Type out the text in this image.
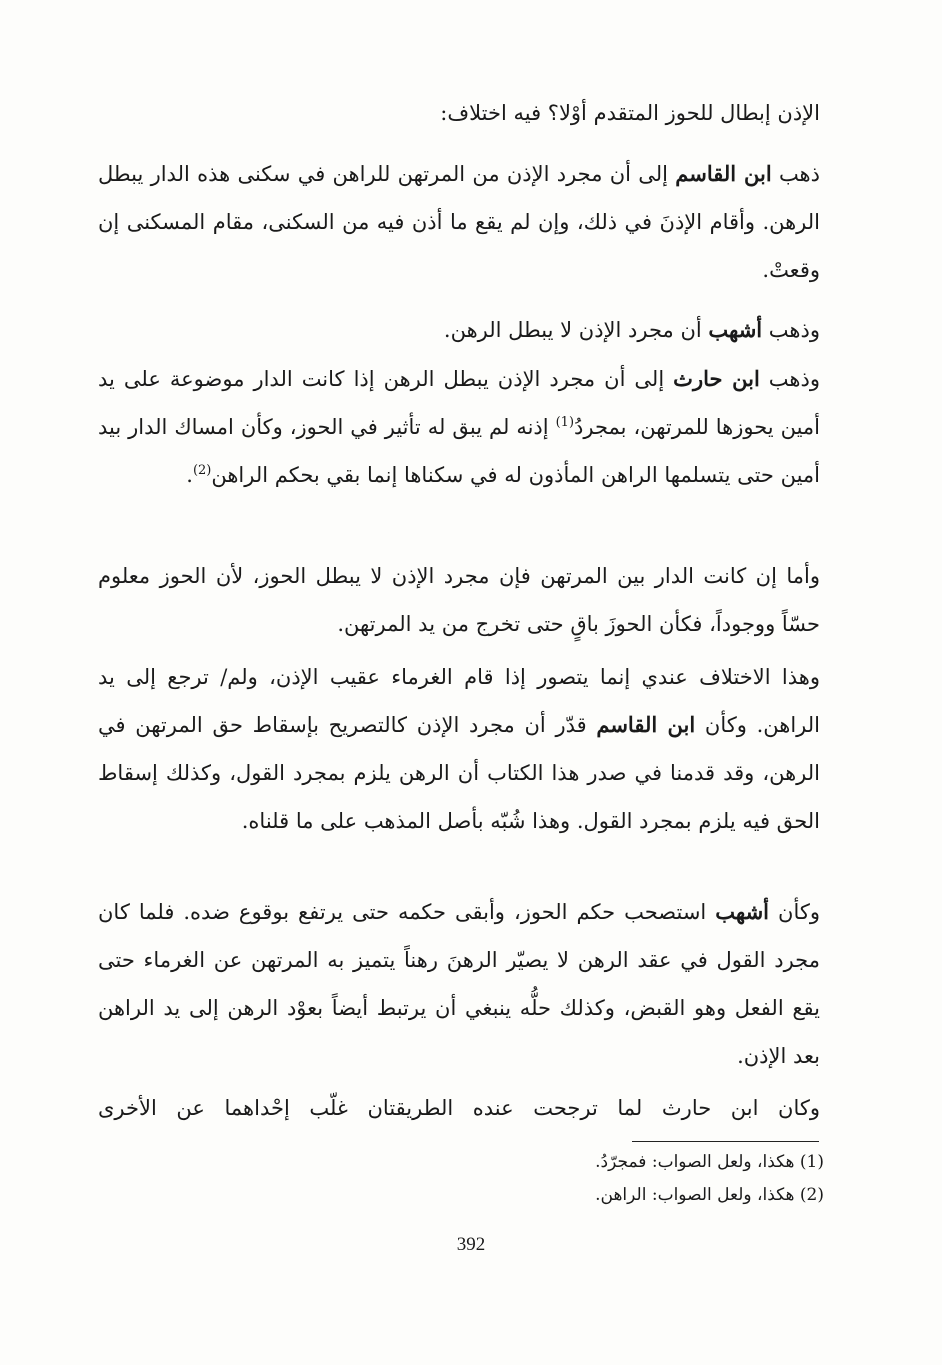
الإذن إبطال للحوز المتقدم أوْلا؟ فيه اختلاف:

ذهب ابن القاسم إلى أن مجرد الإذن من المرتهن للراهن في سكنى هذه الدار يبطل الرهن. وأقام الإذنَ في ذلك، وإن لم يقع ما أذن فيه من السكنى، مقام المسكنى إن وقعتْ.

وذهب أشهب أن مجرد الإذن لا يبطل الرهن.

وذهب ابن حارث إلى أن مجرد الإذن يبطل الرهن إذا كانت الدار موضوعة على يد أمين يحوزها للمرتهن، بمجردُ$^{(1)}$ إذنه لم يبق له تأثير في الحوز، وكأن امساك الدار بيد أمين حتى يتسلمها الراهن المأذون له في سكناها إنما بقي بحكم الراهن$^{(2)}$.

وأما إن كانت الدار بين المرتهن فإن مجرد الإذن لا يبطل الحوز، لأن الحوز معلوم حسّاً ووجوداً، فكأن الحوزَ باقٍ حتى تخرج من يد المرتهن.

وهذا الاختلاف عندي إنما يتصور إذا قام الغرماء عقيب الإذن، ولم/ ترجع إلى يد الراهن. وكأن ابن القاسم قدّر أن مجرد الإذن كالتصريح بإسقاط حق المرتهن في الرهن، وقد قدمنا في صدر هذا الكتاب أن الرهن يلزم بمجرد القول، وكذلك إسقاط الحق فيه يلزم بمجرد القول. وهذا شُبّه بأصل المذهب على ما قلناه.

وكأن أشهب استصحب حكم الحوز، وأبقى حكمه حتى يرتفع بوقوع ضده. فلما كان مجرد القول في عقد الرهن لا يصيّر الرهنَ رهناً يتميز به المرتهن عن الغرماء حتى يقع الفعل وهو القبض، وكذلك حلُّه ينبغي أن يرتبط أيضاً بعوْد الرهن إلى يد الراهن بعد الإذن.

وكان ابن حارث لما ترجحت عنده الطريقتان غلّب إحْداهما عن الأخرى

(1) هكذا، ولعل الصواب: فمجرّدُ.

(2) هكذا، ولعل الصواب: الراهن.

392
